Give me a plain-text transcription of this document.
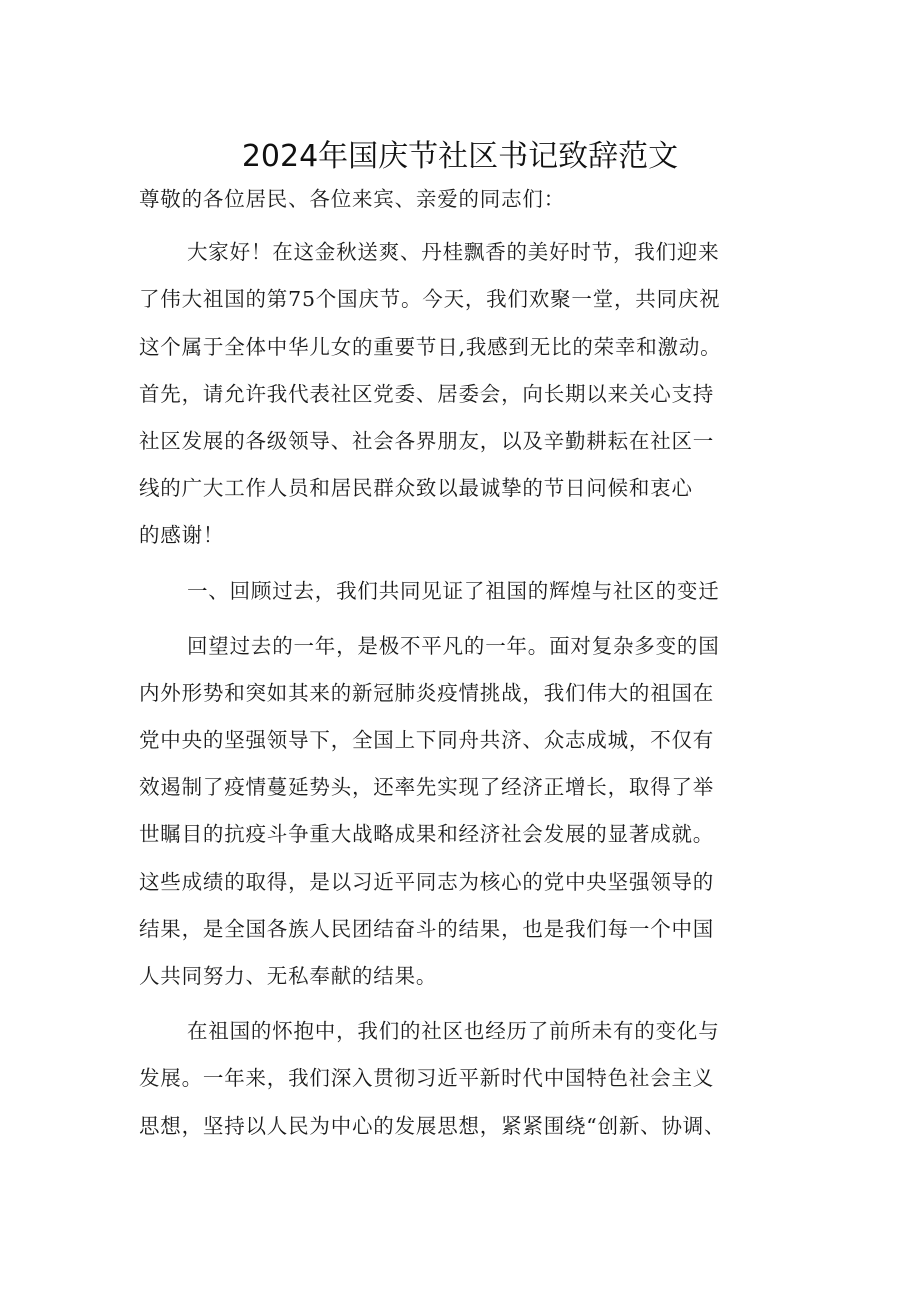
2024年国庆节社区书记致辞范文
尊敬的各位居民、各位来宾、亲爱的同志们：
大家好！在这金秋送爽、丹桂飘香的美好时节，我们迎来
了伟大祖国的第75个国庆节。今天，我们欢聚一堂，共同庆祝
这个属于全体中华儿女的重要节日,我感到无比的荣幸和激动。
首先，请允许我代表社区党委、居委会，向长期以来关心支持
社区发展的各级领导、社会各界朋友，以及辛勤耕耘在社区一
线的广大工作人员和居民群众致以最诚挚的节日问候和衷心
的感谢！
一、回顾过去，我们共同见证了祖国的辉煌与社区的变迁
回望过去的一年，是极不平凡的一年。面对复杂多变的国
内外形势和突如其来的新冠肺炎疫情挑战，我们伟大的祖国在
党中央的坚强领导下，全国上下同舟共济、众志成城，不仅有
效遏制了疫情蔓延势头，还率先实现了经济正增长，取得了举
世瞩目的抗疫斗争重大战略成果和经济社会发展的显著成就。
这些成绩的取得，是以习近平同志为核心的党中央坚强领导的
结果，是全国各族人民团结奋斗的结果，也是我们每一个中国
人共同努力、无私奉献的结果。
在祖国的怀抱中，我们的社区也经历了前所未有的变化与
发展。一年来，我们深入贯彻习近平新时代中国特色社会主义
思想，坚持以人民为中心的发展思想，紧紧围绕“创新、协调、
